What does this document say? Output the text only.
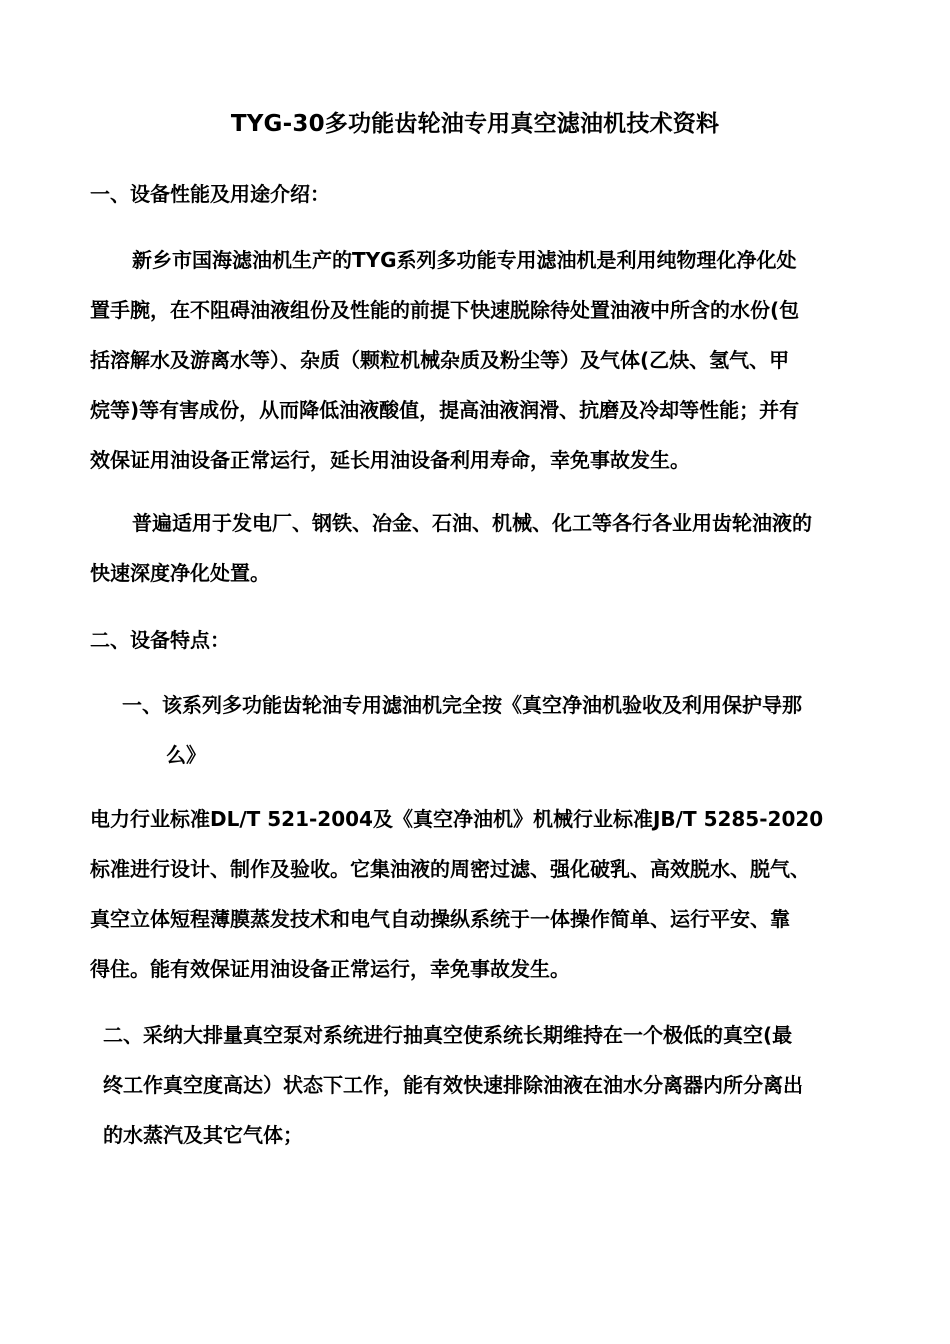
TYG-30多功能齿轮油专用真空滤油机技术资料
一、设备性能及用途介绍：
新乡市国海滤油机生产的TYG系列多功能专用滤油机是利用纯物理化净化处
置手腕，在不阻碍油液组份及性能的前提下快速脱除待处置油液中所含的水份(包
括溶解水及游离水等）、杂质（颗粒机械杂质及粉尘等）及气体(乙炔、氢气、甲
烷等)等有害成份，从而降低油液酸值，提高油液润滑、抗磨及冷却等性能；并有
效保证用油设备正常运行，延长用油设备利用寿命，幸免事故发生。
普遍适用于发电厂、钢铁、冶金、石油、机械、化工等各行各业用齿轮油液的
快速深度净化处置。
二、设备特点：
一、该系列多功能齿轮油专用滤油机完全按《真空净油机验收及利用保护导那
么》
电力行业标准DL/T 521-2004及《真空净油机》机械行业标准JB/T 5285-2020
标准进行设计、制作及验收。它集油液的周密过滤、强化破乳、高效脱水、脱气、
真空立体短程薄膜蒸发技术和电气自动操纵系统于一体操作简单、运行平安、靠
得住。能有效保证用油设备正常运行，幸免事故发生。
二、采纳大排量真空泵对系统进行抽真空使系统长期维持在一个极低的真空(最
终工作真空度高达）状态下工作，能有效快速排除油液在油水分离器内所分离出
的水蒸汽及其它气体；
